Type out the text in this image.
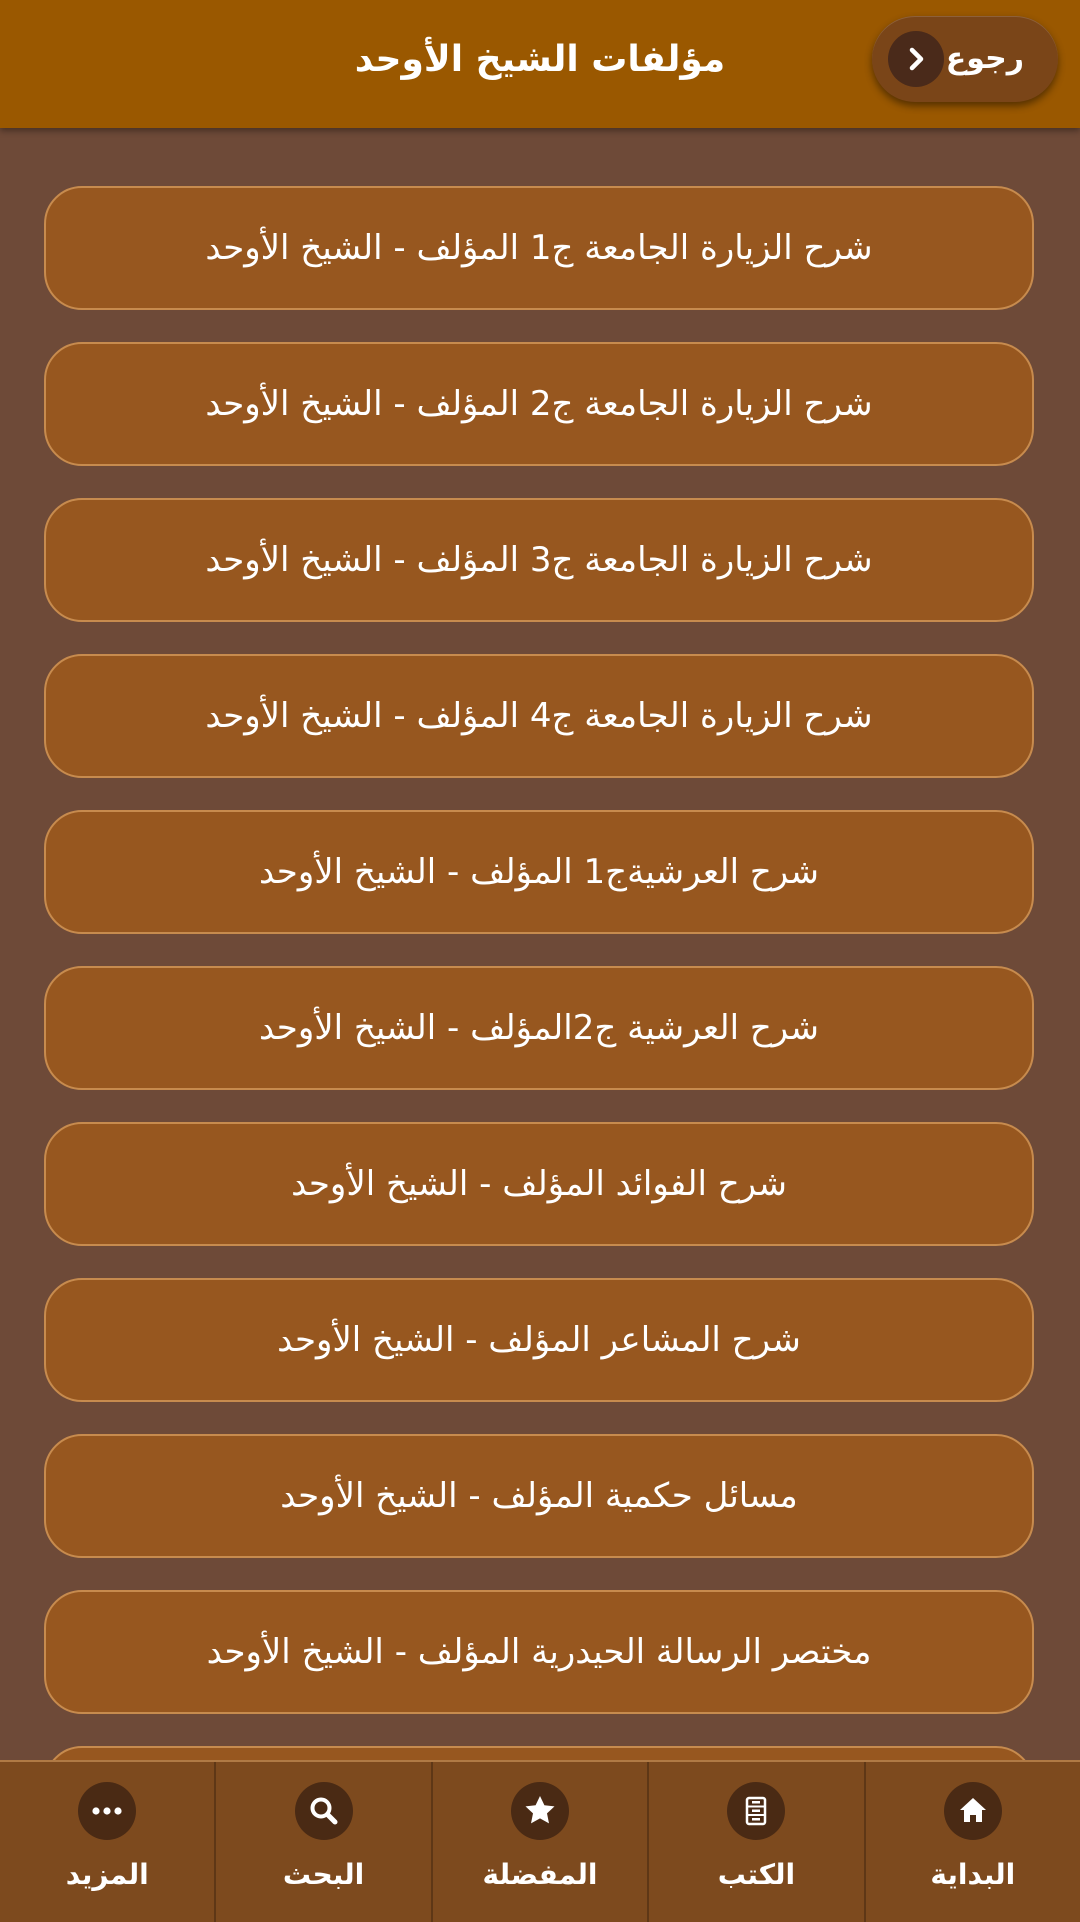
مؤلفات الشيخ الأوحد	رجوع
شرح الزيارة الجامعة ج1 المؤلف - الشيخ الأوحد
شرح الزيارة الجامعة ج2 المؤلف - الشيخ الأوحد
شرح الزيارة الجامعة ج3 المؤلف - الشيخ الأوحد
شرح الزيارة الجامعة ج4 المؤلف - الشيخ الأوحد
شرح العرشيةج1 المؤلف - الشيخ الأوحد
شرح العرشية ج2المؤلف - الشيخ الأوحد
شرح الفوائد المؤلف - الشيخ الأوحد
شرح المشاعر المؤلف - الشيخ الأوحد
مسائل حكمية المؤلف - الشيخ الأوحد
مختصر الرسالة الحيدرية المؤلف - الشيخ الأوحد
المزيد	البحث	المفضلة	الكتب	البداية
